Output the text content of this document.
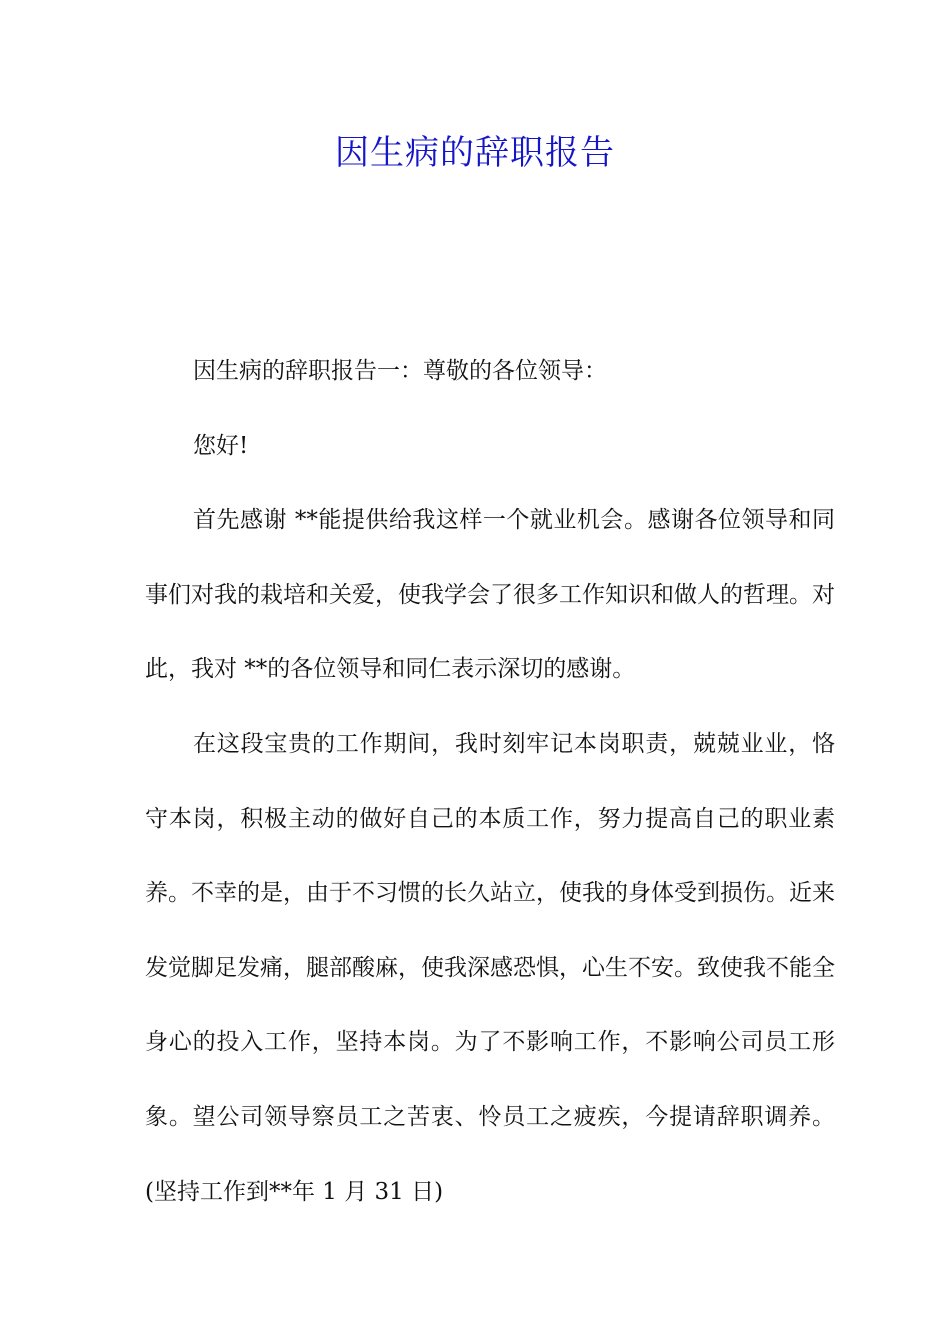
因生病的辞职报告

因生病的辞职报告一：尊敬的各位领导：

您好!

首先感谢 **能提供给我这样一个就业机会。感谢各位领导和同事们对我的栽培和关爱，使我学会了很多工作知识和做人的哲理。对此，我对 **的各位领导和同仁表示深切的感谢。

在这段宝贵的工作期间，我时刻牢记本岗职责，兢兢业业，恪守本岗，积极主动的做好自己的本质工作，努力提高自己的职业素养。不幸的是，由于不习惯的长久站立，使我的身体受到损伤。近来发觉脚足发痛，腿部酸麻，使我深感恐惧，心生不安。致使我不能全身心的投入工作，坚持本岗。为了不影响工作，不影响公司员工形象。望公司领导察员工之苦衷、怜员工之疲疾，今提请辞职调养。(坚持工作到**年 1 月 31 日)
